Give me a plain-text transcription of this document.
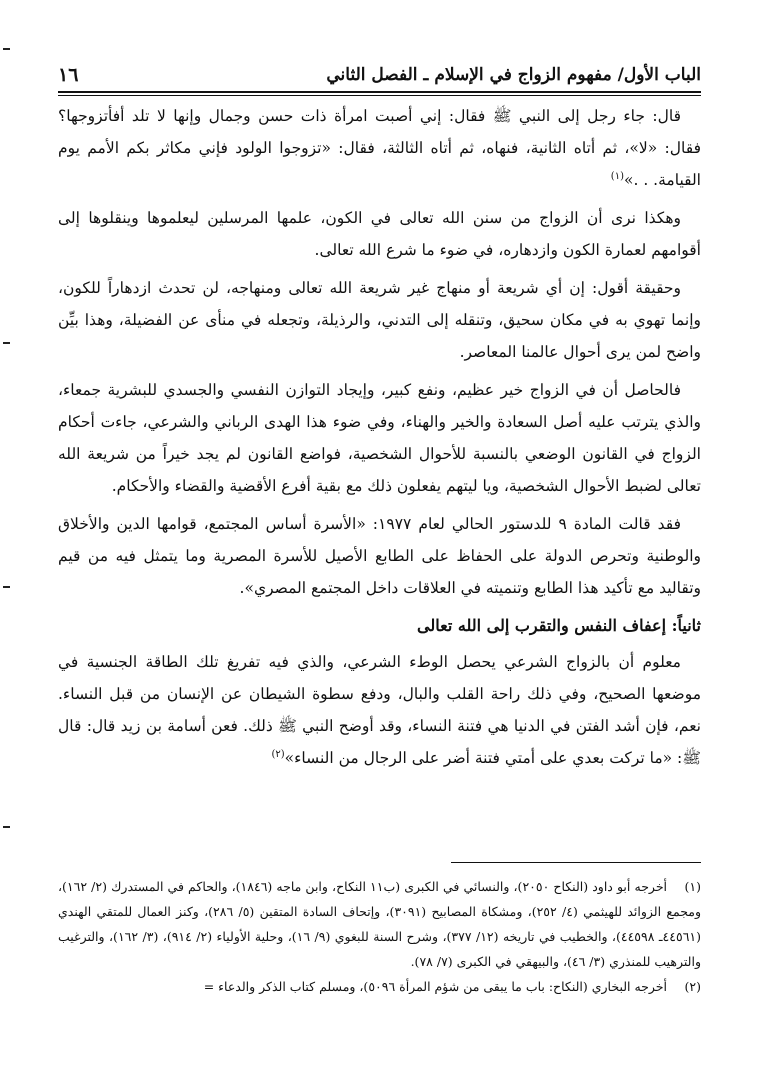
الباب الأول/ مفهوم الزواج في الإسلام ـ الفصل الثاني
١٦

قال: جاء رجل إلى النبي ﷺ فقال: إني أصبت امرأة ذات حسن وجمال وإنها لا تلد أفأتزوجها؟ فقال: «لا»، ثم أتاه الثانية، فنهاه، ثم أتاه الثالثة، فقال: «تزوجوا الولود فإني مكاثر بكم الأمم يوم القيامة. . .»$^{(١)}$

وهكذا نرى أن الزواج من سنن الله تعالى في الكون، علمها المرسلين ليعلموها وينقلوها إلى أقوامهم لعمارة الكون وازدهاره، في ضوء ما شرع الله تعالى.

وحقيقة أقول: إن أي شريعة أو منهاج غير شريعة الله تعالى ومنهاجه، لن تحدث ازدهاراً للكون، وإنما تهوي به في مكان سحيق، وتنقله إلى التدني، والرذيلة، وتجعله في منأى عن الفضيلة، وهذا بيِّن واضح لمن يرى أحوال عالمنا المعاصر.

فالحاصل أن في الزواج خير عظيم، ونفع كبير، وإيجاد التوازن النفسي والجسدي للبشرية جمعاء، والذي يترتب عليه أصل السعادة والخير والهناء، وفي ضوء هذا الهدى الرباني والشرعي، جاءت أحكام الزواج في القانون الوضعي بالنسبة للأحوال الشخصية، فواضع القانون لم يجد خيراً من شريعة الله تعالى لضبط الأحوال الشخصية، ويا ليتهم يفعلون ذلك مع بقية أفرع الأقضية والقضاء والأحكام.

فقد قالت المادة ٩ للدستور الحالي لعام ١٩٧٧: «الأسرة أساس المجتمع، قوامها الدين والأخلاق والوطنية وتحرص الدولة على الحفاظ على الطابع الأصيل للأسرة المصرية وما يتمثل فيه من قيم وتقاليد مع تأكيد هذا الطابع وتنميته في العلاقات داخل المجتمع المصري».

ثانياً: إعفاف النفس والتقرب إلى الله تعالى

معلوم أن بالزواج الشرعي يحصل الوطء الشرعي، والذي فيه تفريغ تلك الطاقة الجنسية في موضعها الصحيح، وفي ذلك راحة القلب والبال، ودفع سطوة الشيطان عن الإنسان من قبل النساء. نعم، فإن أشد الفتن في الدنيا هي فتنة النساء، وقد أوضح النبي ﷺ ذلك. فعن أسامة بن زيد قال: قال ﷺ: «ما تركت بعدي على أمتي فتنة أضر على الرجال من النساء»$^{(٢)}$

(١)أخرجه أبو داود (النكاح ٢٠٥٠)، والنسائي في الكبرى (ب١١ النكاح، وابن ماجه (١٨٤٦)، والحاكم في المستدرك (٢/ ١٦٢)، ومجمع الزوائد للهيثمي (٤/ ٢٥٢)، ومشكاة المصابيح (٣٠٩١)، وإتحاف السادة المتقين (٥/ ٢٨٦)، وكنز العمال للمتقي الهندي (٤٤٥٦١ـ ٤٤٥٩٨)، والخطيب في تاريخه (١٢/ ٣٧٧)، وشرح السنة للبغوي (٩/ ١٦)، وحلية الأولياء (٢/ ٩١٤)، (٣/ ١٦٢)، والترغيب والترهيب للمنذري (٣/ ٤٦)، والبيهقي في الكبرى (٧/ ٧٨).

(٢)أخرجه البخاري (النكاح: باب ما يبقى من شؤم المرأة ٥٠٩٦)، ومسلم كتاب الذكر والدعاء =
